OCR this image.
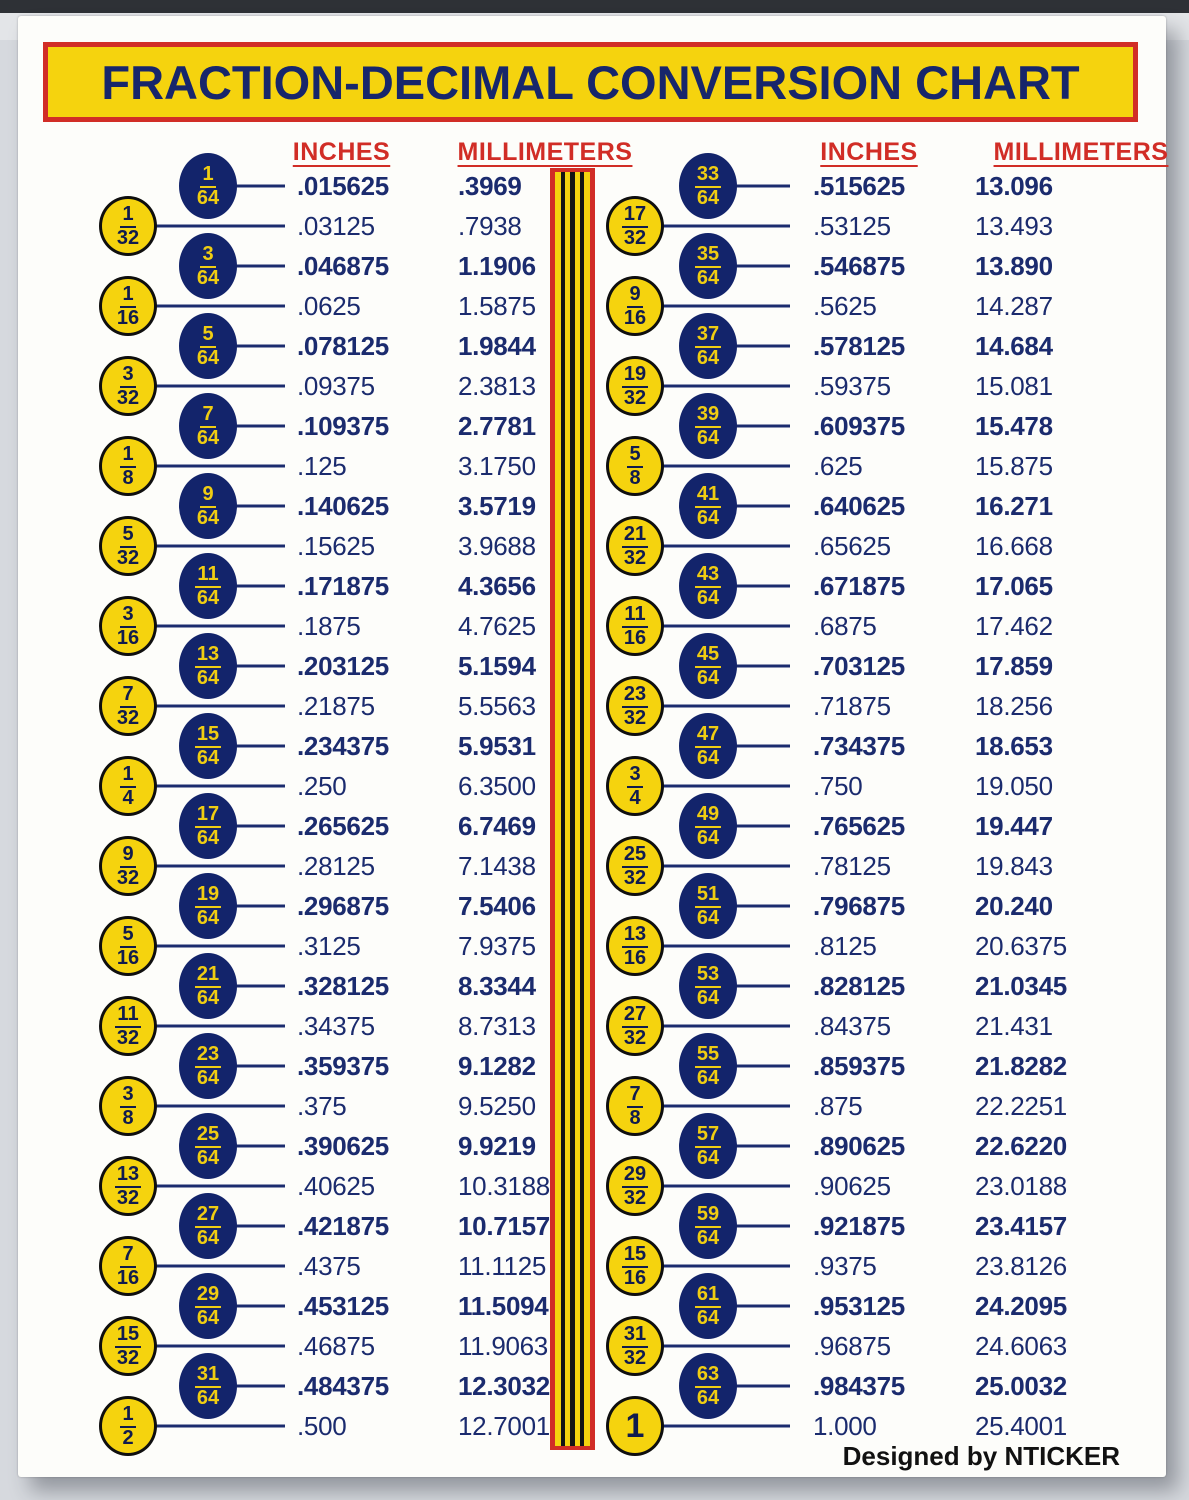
FRACTION-DECIMAL CONVERSION CHART
INCHES	MILLIMETERS	INCHES	MILLIMETERS
Designed by NTICKER
$\frac{1}{64}$	.015625	.3969
$\frac{1}{32}$	.03125	.7938
$\frac{3}{64}$	.046875	1.1906
$\frac{1}{16}$	.0625	1.5875
$\frac{5}{64}$	.078125	1.9844
$\frac{3}{32}$	.09375	2.3813
$\frac{7}{64}$	.109375	2.7781
$\frac{1}{8}$	.125	3.1750
$\frac{9}{64}$	.140625	3.5719
$\frac{5}{32}$	.15625	3.9688
$\frac{11}{64}$	.171875	4.3656
$\frac{3}{16}$	.1875	4.7625
$\frac{13}{64}$	.203125	5.1594
$\frac{7}{32}$	.21875	5.5563
$\frac{15}{64}$	.234375	5.9531
$\frac{1}{4}$	.250	6.3500
$\frac{17}{64}$	.265625	6.7469
$\frac{9}{32}$	.28125	7.1438
$\frac{19}{64}$	.296875	7.5406
$\frac{5}{16}$	.3125	7.9375
$\frac{21}{64}$	.328125	8.3344
$\frac{11}{32}$	.34375	8.7313
$\frac{23}{64}$	.359375	9.1282
$\frac{3}{8}$	.375	9.5250
$\frac{25}{64}$	.390625	9.9219
$\frac{13}{32}$	.40625	10.3188
$\frac{27}{64}$	.421875	10.7157
$\frac{7}{16}$	.4375	11.1125
$\frac{29}{64}$	.453125	11.5094
$\frac{15}{32}$	.46875	11.9063
$\frac{31}{64}$	.484375	12.3032
$\frac{1}{2}$	.500	12.7001
$\frac{33}{64}$	.515625	13.096
$\frac{17}{32}$	.53125	13.493
$\frac{35}{64}$	.546875	13.890
$\frac{9}{16}$	.5625	14.287
$\frac{37}{64}$	.578125	14.684
$\frac{19}{32}$	.59375	15.081
$\frac{39}{64}$	.609375	15.478
$\frac{5}{8}$	.625	15.875
$\frac{41}{64}$	.640625	16.271
$\frac{21}{32}$	.65625	16.668
$\frac{43}{64}$	.671875	17.065
$\frac{11}{16}$	.6875	17.462
$\frac{45}{64}$	.703125	17.859
$\frac{23}{32}$	.71875	18.256
$\frac{47}{64}$	.734375	18.653
$\frac{3}{4}$	.750	19.050
$\frac{49}{64}$	.765625	19.447
$\frac{25}{32}$	.78125	19.843
$\frac{51}{64}$	.796875	20.240
$\frac{13}{16}$	.8125	20.6375
$\frac{53}{64}$	.828125	21.0345
$\frac{27}{32}$	.84375	21.431
$\frac{55}{64}$	.859375	21.8282
$\frac{7}{8}$	.875	22.2251
$\frac{57}{64}$	.890625	22.6220
$\frac{29}{32}$	.90625	23.0188
$\frac{59}{64}$	.921875	23.4157
$\frac{15}{16}$	.9375	23.8126
$\frac{61}{64}$	.953125	24.2095
$\frac{31}{32}$	.96875	24.6063
$\frac{63}{64}$	.984375	25.0032
1	1.000	25.4001
